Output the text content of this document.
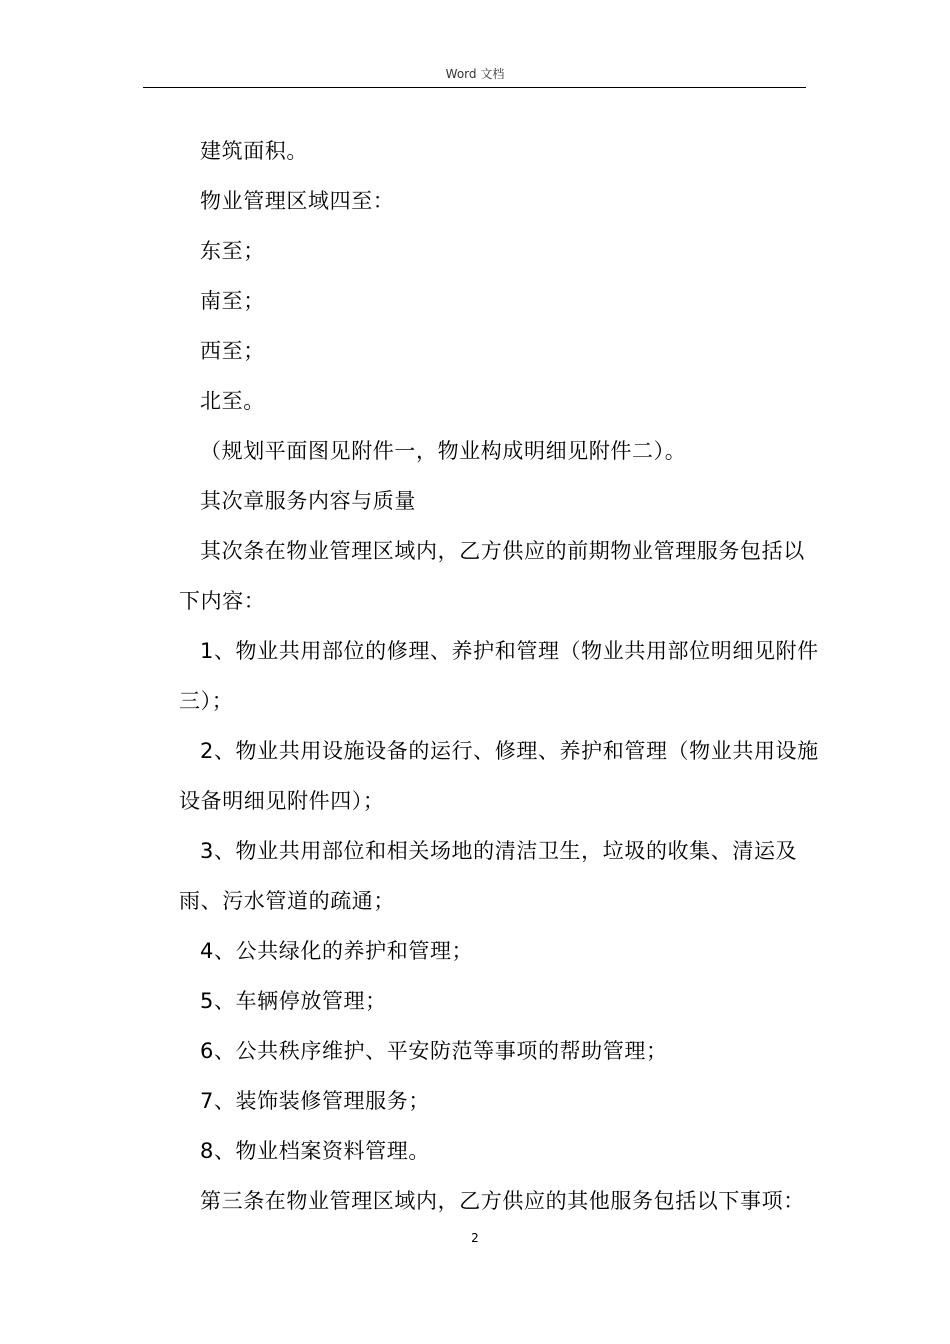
Word 文档

建筑面积。

物业管理区域四至：

东至；

南至；

西至；

北至。

（规划平面图见附件一，物业构成明细见附件二）。

其次章服务内容与质量

其次条在物业管理区域内，乙方供应的前期物业管理服务包括以下内容：

1、物业共用部位的修理、养护和管理（物业共用部位明细见附件三）；

2、物业共用设施设备的运行、修理、养护和管理（物业共用设施设备明细见附件四）；

3、物业共用部位和相关场地的清洁卫生，垃圾的收集、清运及雨、污水管道的疏通；

4、公共绿化的养护和管理；

5、车辆停放管理；

6、公共秩序维护、平安防范等事项的帮助管理；

7、装饰装修管理服务；

8、物业档案资料管理。

第三条在物业管理区域内，乙方供应的其他服务包括以下事项：

2
